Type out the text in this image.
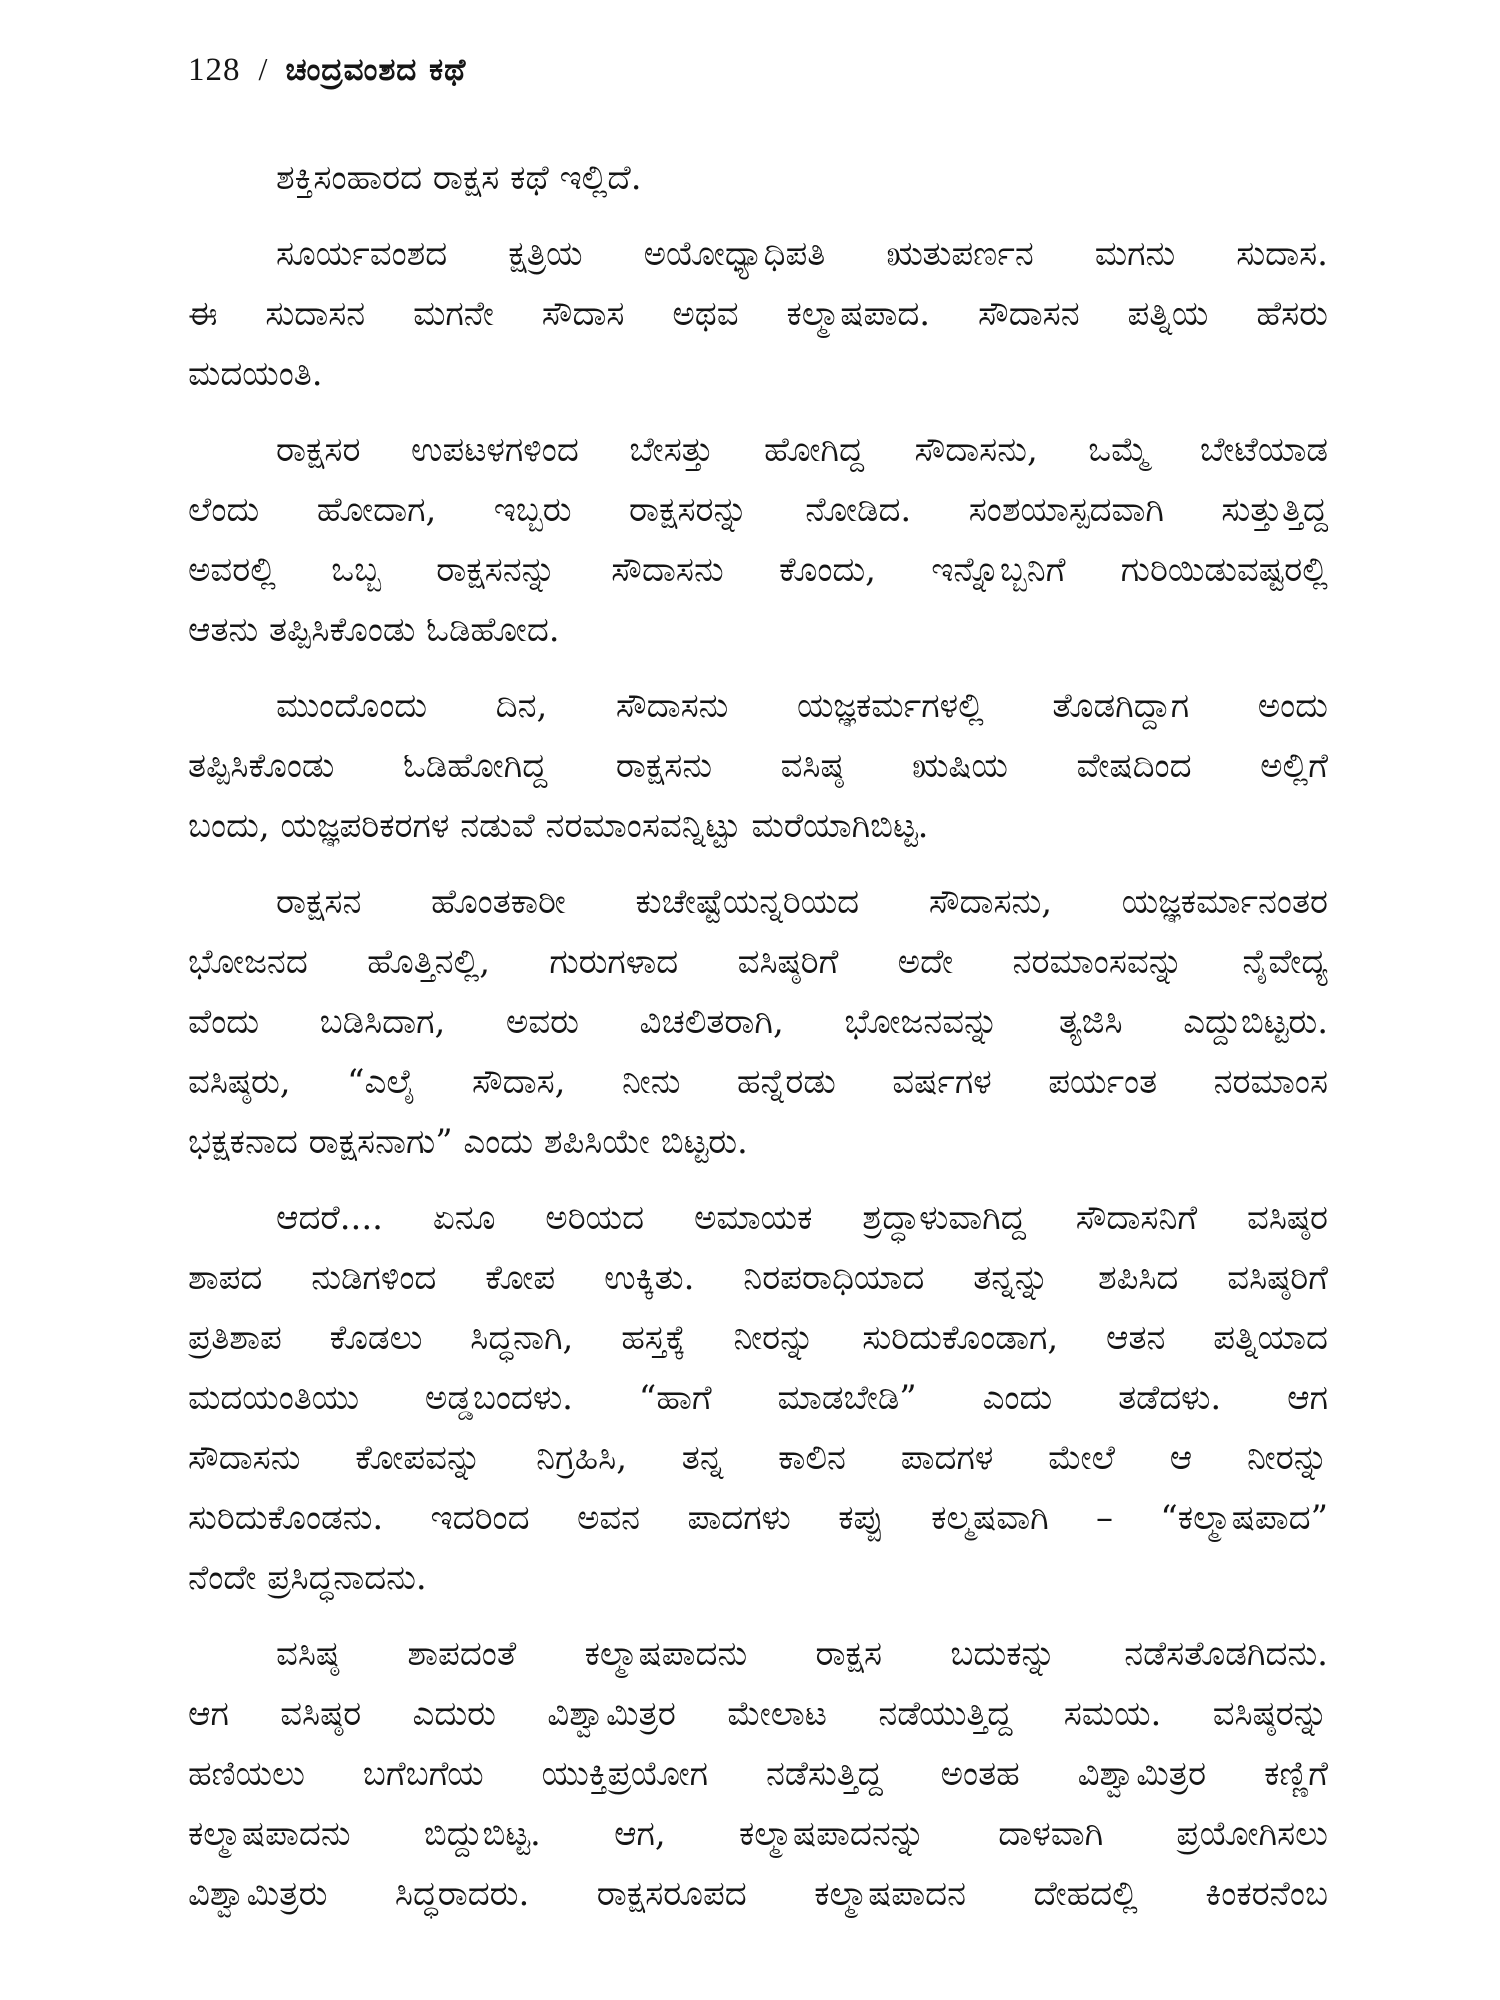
128 / ಚಂದ್ರವಂಶದ ಕಥೆ
ಶಕ್ತಿಸಂಹಾರದ ರಾಕ್ಷಸ ಕಥೆ ಇಲ್ಲಿದೆ.
ಸೂರ್ಯವಂಶದ ಕ್ಷತ್ರಿಯ ಅಯೋಧ್ಯಾಧಿಪತಿ ಋತುಪರ್ಣನ ಮಗನು ಸುದಾಸ.
ಈ ಸುದಾಸನ ಮಗನೇ ಸೌದಾಸ ಅಥವ ಕಲ್ಮಾಷಪಾದ. ಸೌದಾಸನ ಪತ್ನಿಯ ಹೆಸರು
ಮದಯಂತಿ.
ರಾಕ್ಷಸರ ಉಪಟಳಗಳಿಂದ ಬೇಸತ್ತು ಹೋಗಿದ್ದ ಸೌದಾಸನು, ಒಮ್ಮೆ ಬೇಟೆಯಾಡ
ಲೆಂದು ಹೋದಾಗ, ಇಬ್ಬರು ರಾಕ್ಷಸರನ್ನು ನೋಡಿದ. ಸಂಶಯಾಸ್ಪದವಾಗಿ ಸುತ್ತುತ್ತಿದ್ದ
ಅವರಲ್ಲಿ ಒಬ್ಬ ರಾಕ್ಷಸನನ್ನು ಸೌದಾಸನು ಕೊಂದು, ಇನ್ನೊಬ್ಬನಿಗೆ ಗುರಿಯಿಡುವಷ್ಟರಲ್ಲಿ
ಆತನು ತಪ್ಪಿಸಿಕೊಂಡು ಓಡಿಹೋದ.
ಮುಂದೊಂದು ದಿನ, ಸೌದಾಸನು ಯಜ್ಞಕರ್ಮಗಳಲ್ಲಿ ತೊಡಗಿದ್ದಾಗ ಅಂದು
ತಪ್ಪಿಸಿಕೊಂಡು ಓಡಿಹೋಗಿದ್ದ ರಾಕ್ಷಸನು ವಸಿಷ್ಠ ಋಷಿಯ ವೇಷದಿಂದ ಅಲ್ಲಿಗೆ
ಬಂದು, ಯಜ್ಞಪರಿಕರಗಳ ನಡುವೆ ನರಮಾಂಸವನ್ನಿಟ್ಟು ಮರೆಯಾಗಿಬಿಟ್ಟ.
ರಾಕ್ಷಸನ ಹೊಂತಕಾರೀ ಕುಚೇಷ್ಟೆಯನ್ನರಿಯದ ಸೌದಾಸನು, ಯಜ್ಞಕರ್ಮಾನಂತರ
ಭೋಜನದ ಹೊತ್ತಿನಲ್ಲಿ, ಗುರುಗಳಾದ ವಸಿಷ್ಠರಿಗೆ ಅದೇ ನರಮಾಂಸವನ್ನು ನೈವೇದ್ಯ
ವೆಂದು ಬಡಿಸಿದಾಗ, ಅವರು ವಿಚಲಿತರಾಗಿ, ಭೋಜನವನ್ನು ತ್ಯಜಿಸಿ ಎದ್ದುಬಿಟ್ಟರು.
ವಸಿಷ್ಠರು, “ಎಲೈ ಸೌದಾಸ, ನೀನು ಹನ್ನೆರಡು ವರ್ಷಗಳ ಪರ್ಯಂತ ನರಮಾಂಸ
ಭಕ್ಷಕನಾದ ರಾಕ್ಷಸನಾಗು” ಎಂದು ಶಪಿಸಿಯೇ ಬಿಟ್ಟರು.
ಆದರೆ.... ಏನೂ ಅರಿಯದ ಅಮಾಯಕ ಶ್ರದ್ಧಾಳುವಾಗಿದ್ದ ಸೌದಾಸನಿಗೆ ವಸಿಷ್ಠರ
ಶಾಪದ ನುಡಿಗಳಿಂದ ಕೋಪ ಉಕ್ಕಿತು. ನಿರಪರಾಧಿಯಾದ ತನ್ನನ್ನು ಶಪಿಸಿದ ವಸಿಷ್ಠರಿಗೆ
ಪ್ರತಿಶಾಪ ಕೊಡಲು ಸಿದ್ಧನಾಗಿ, ಹಸ್ತಕ್ಕೆ ನೀರನ್ನು ಸುರಿದುಕೊಂಡಾಗ, ಆತನ ಪತ್ನಿಯಾದ
ಮದಯಂತಿಯು ಅಡ್ಡಬಂದಳು. “ಹಾಗೆ ಮಾಡಬೇಡಿ” ಎಂದು ತಡೆದಳು. ಆಗ
ಸೌದಾಸನು ಕೋಪವನ್ನು ನಿಗ್ರಹಿಸಿ, ತನ್ನ ಕಾಲಿನ ಪಾದಗಳ ಮೇಲೆ ಆ ನೀರನ್ನು
ಸುರಿದುಕೊಂಡನು. ಇದರಿಂದ ಅವನ ಪಾದಗಳು ಕಪ್ಪು ಕಲ್ಮಷವಾಗಿ – “ಕಲ್ಮಾಷಪಾದ”
ನೆಂದೇ ಪ್ರಸಿದ್ಧನಾದನು.
ವಸಿಷ್ಠ ಶಾಪದಂತೆ ಕಲ್ಮಾಷಪಾದನು ರಾಕ್ಷಸ ಬದುಕನ್ನು ನಡೆಸತೊಡಗಿದನು.
ಆಗ ವಸಿಷ್ಠರ ಎದುರು ವಿಶ್ವಾಮಿತ್ರರ ಮೇಲಾಟ ನಡೆಯುತ್ತಿದ್ದ ಸಮಯ. ವಸಿಷ್ಠರನ್ನು
ಹಣಿಯಲು ಬಗೆಬಗೆಯ ಯುಕ್ತಿಪ್ರಯೋಗ ನಡೆಸುತ್ತಿದ್ದ ಅಂತಹ ವಿಶ್ವಾಮಿತ್ರರ ಕಣ್ಣಿಗೆ
ಕಲ್ಮಾಷಪಾದನು ಬಿದ್ದುಬಿಟ್ಟ. ಆಗ, ಕಲ್ಮಾಷಪಾದನನ್ನು ದಾಳವಾಗಿ ಪ್ರಯೋಗಿಸಲು
ವಿಶ್ವಾಮಿತ್ರರು ಸಿದ್ಧರಾದರು. ರಾಕ್ಷಸರೂಪದ ಕಲ್ಮಾಷಪಾದನ ದೇಹದಲ್ಲಿ ಕಿಂಕರನೆಂಬ
